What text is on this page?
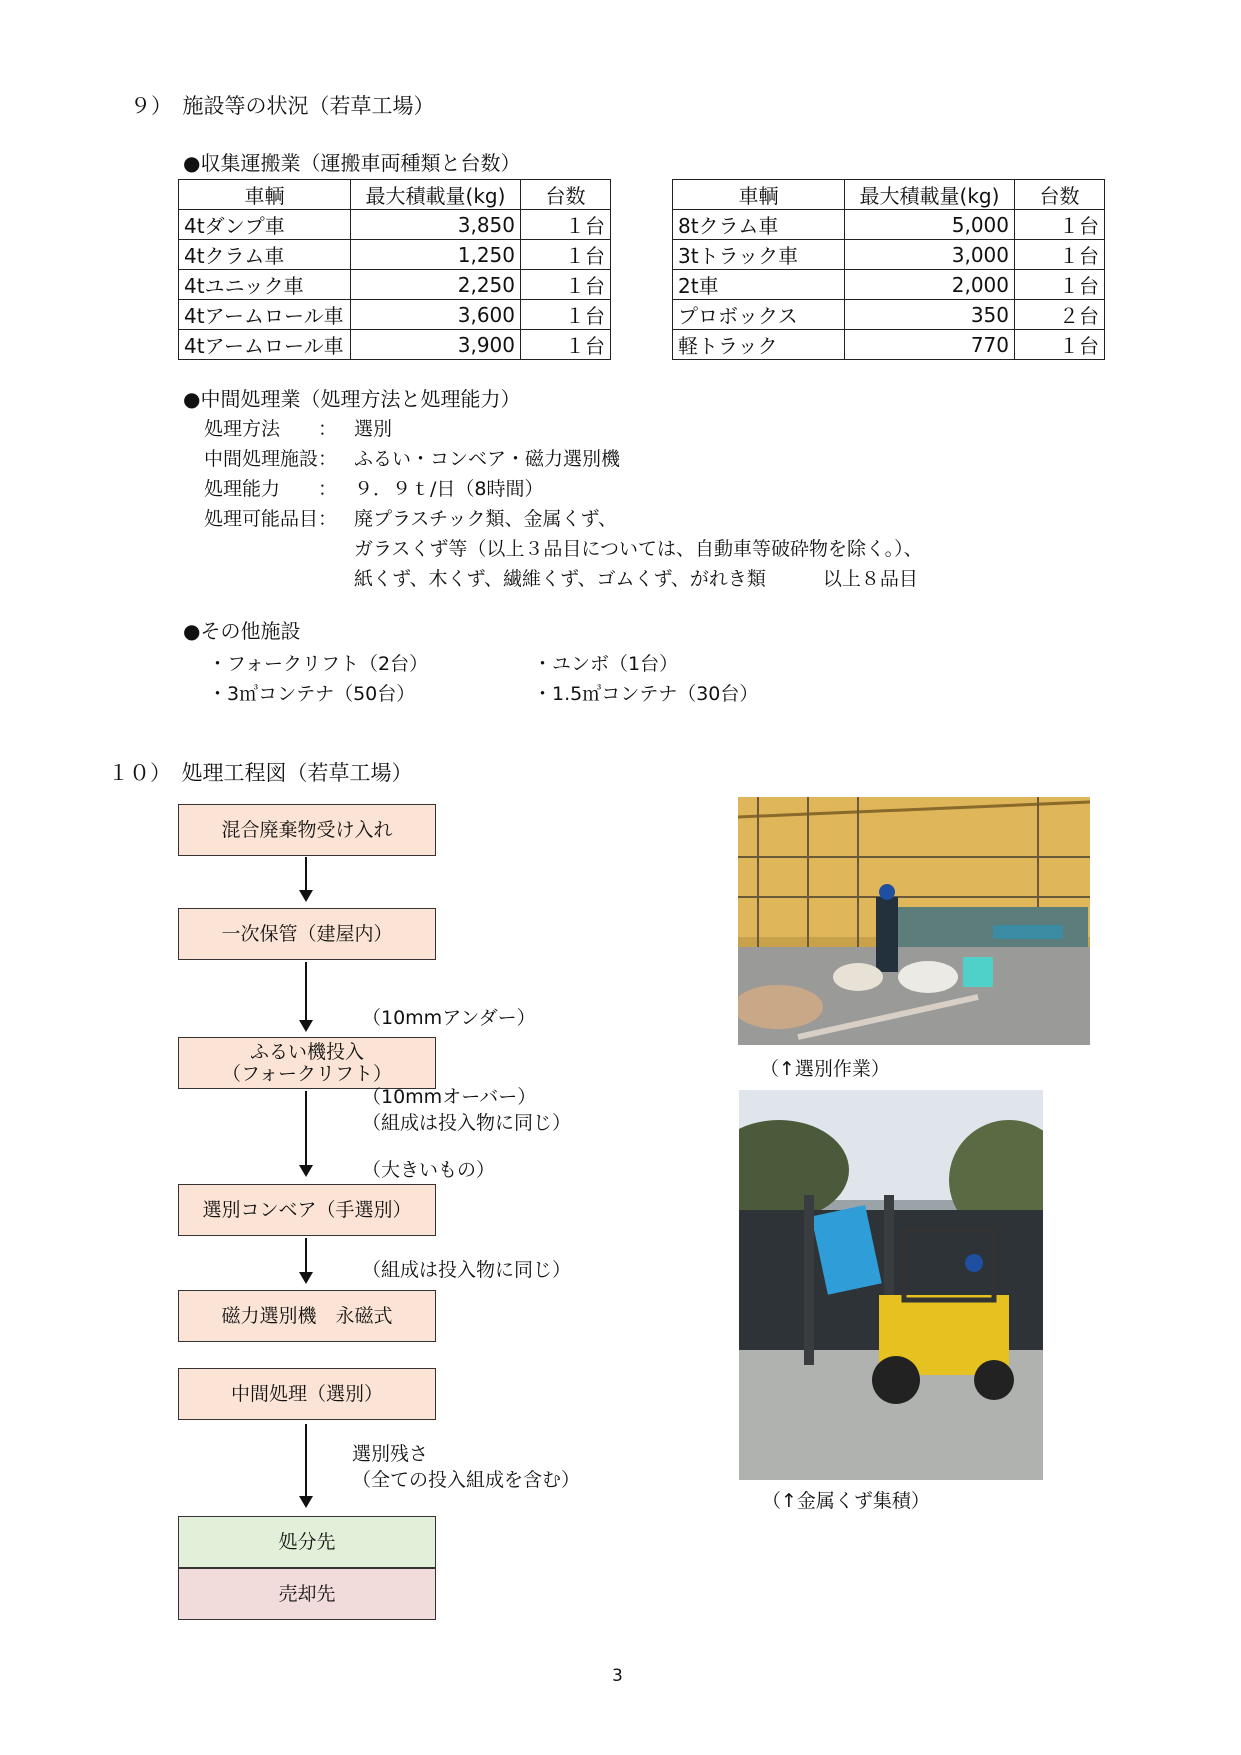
９）　施設等の状況（若草工場）
●収集運搬業（運搬車両種類と台数）
車輌	最大積載量(kg)	台数
4tダンプ車	3,850	１台
4tクラム車	1,250	１台
4tユニック車	2,250	１台
4tアームロール車	3,600	１台
4tアームロール車	3,900	１台
車輌	最大積載量(kg)	台数
8tクラム車	5,000	１台
3tトラック車	3,000	１台
2t車	2,000	１台
プロボックス	350	２台
軽トラック	770	１台
●中間処理業（処理方法と処理能力）
処理方法　　： 選別
中間処理施設： ふるい・コンベア・磁力選別機
処理能力　　： ９．９ｔ/日（8時間）
処理可能品目： 廃プラスチック類、金属くず、
ガラスくず等（以上３品目については、自動車等破砕物を除く。）、
紙くず、木くず、繊維くず、ゴムくず、がれき類　　　以上８品目
●その他施設
・フォークリフト（2台）	・ユンボ（1台）
・3㎥コンテナ（50台）	・1.5㎥コンテナ（30台）
１０）　処理工程図（若草工場）
混合廃棄物受け入れ
一次保管（建屋内）
ふるい機投入
（フォークリフト）
選別コンベア（手選別）
磁力選別機　永磁式
中間処理（選別）
処分先
売却先
（10mmアンダー）
（10mmオーバー）
（組成は投入物に同じ）
（大きいもの）
（組成は投入物に同じ）
選別残さ
（全ての投入組成を含む）
（↑選別作業）
（↑金属くず集積）
3
